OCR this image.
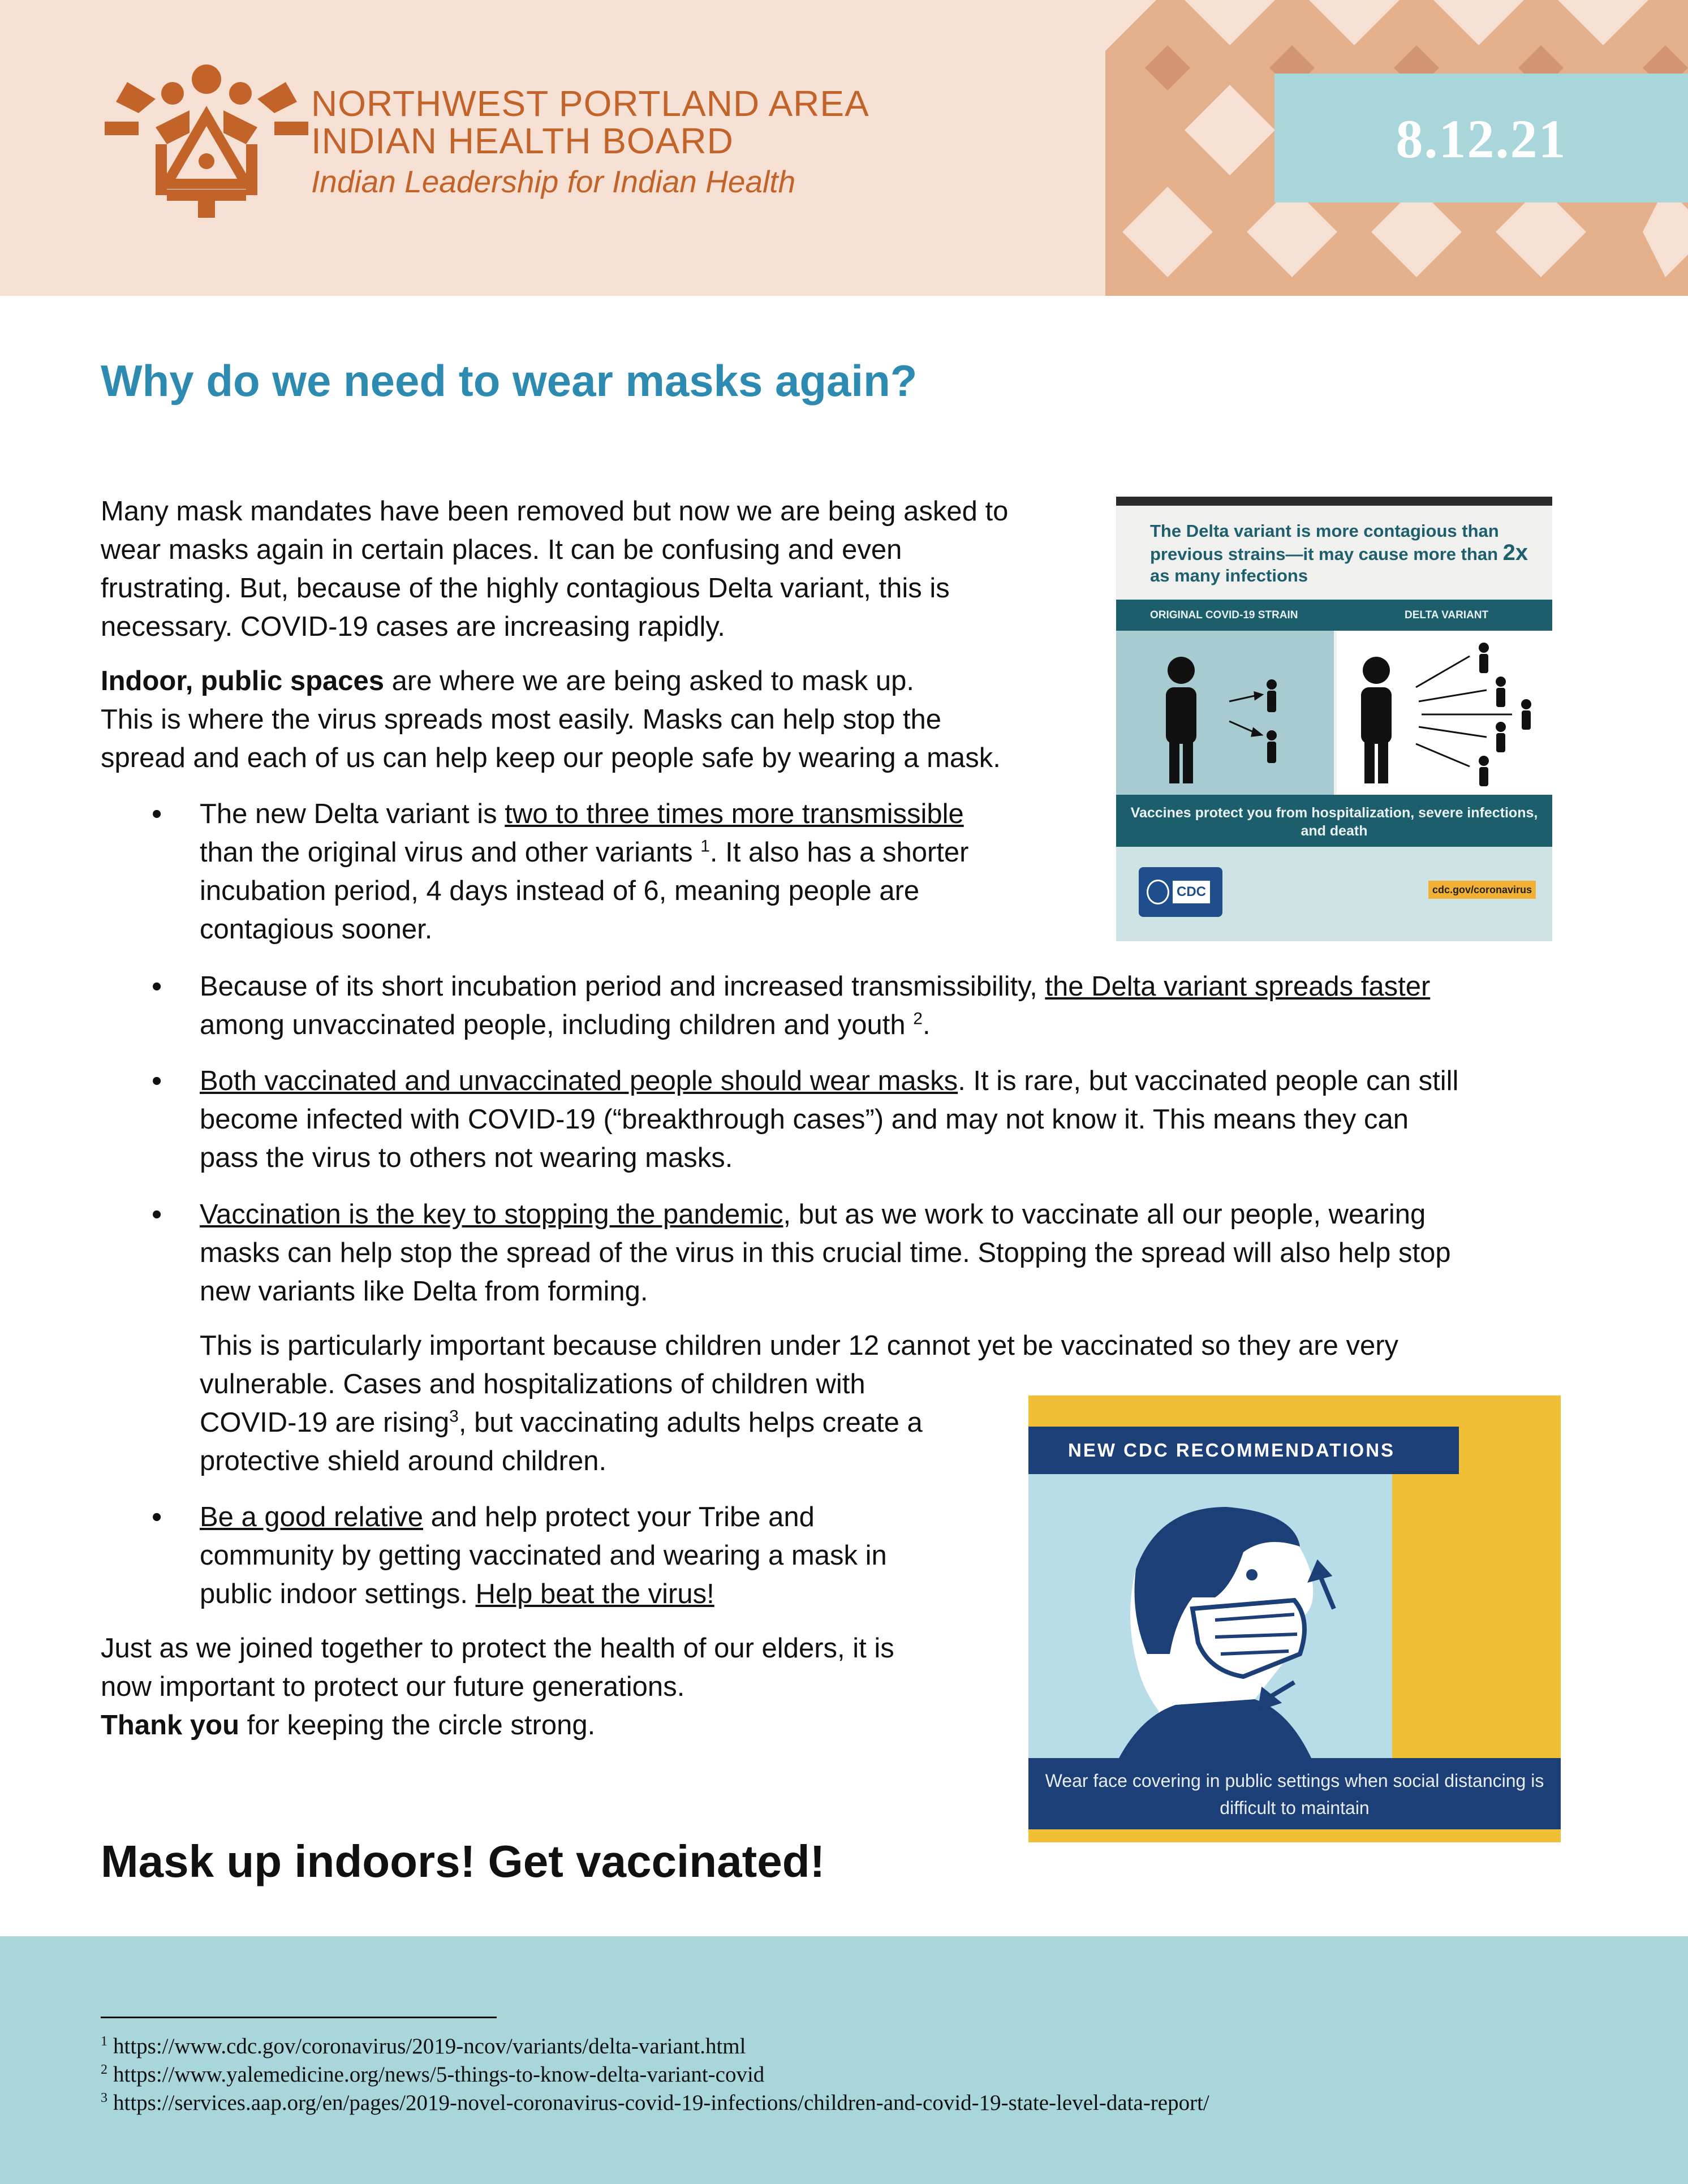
NORTHWEST PORTLAND AREA
INDIAN HEALTH BOARD
Indian Leadership for Indian Health
8.12.21
Why do we need to wear masks again?
Many mask mandates have been removed but now we are being asked to
wear masks again in certain places. It can be confusing and even
frustrating. But, because of the highly contagious Delta variant, this is
necessary. COVID-19 cases are increasing rapidly.
Indoor, public spaces are where we are being asked to mask up.
This is where the virus spreads most easily. Masks can help stop the
spread and each of us can help keep our people safe by wearing a mask.
• The new Delta variant is two to three times more transmissible
than the original virus and other variants $^1$. It also has a shorter
incubation period, 4 days instead of 6, meaning people are
contagious sooner.
• Because of its short incubation period and increased transmissibility, the Delta variant spreads faster
among unvaccinated people, including children and youth $^2$.
• Both vaccinated and unvaccinated people should wear masks. It is rare, but vaccinated people can still
become infected with COVID-19 (“breakthrough cases”) and may not know it. This means they can
pass the virus to others not wearing masks.
• Vaccination is the key to stopping the pandemic, but as we work to vaccinate all our people, wearing
masks can help stop the spread of the virus in this crucial time. Stopping the spread will also help stop
new variants like Delta from forming.
This is particularly important because children under 12 cannot yet be vaccinated so they are very
vulnerable. Cases and hospitalizations of children with
COVID-19 are rising$^3$, but vaccinating adults helps create a
protective shield around children.
• Be a good relative and help protect your Tribe and
community by getting vaccinated and wearing a mask in
public indoor settings. Help beat the virus!
Just as we joined together to protect the health of our elders, it is
now important to protect our future generations.
Thank you for keeping the circle strong.
Mask up indoors! Get vaccinated!
The Delta variant is more contagious than previous strains—it may cause more than 2x as many infections
ORIGINAL COVID-19 STRAIN	DELTA VARIANT
Vaccines protect you from hospitalization, severe infections, and death
CDC	cdc.gov/coronavirus
NEW CDC RECOMMENDATIONS
Wear face covering in public settings when social distancing is difficult to maintain
$^1$ https://www.cdc.gov/coronavirus/2019-ncov/variants/delta-variant.html
$^2$ https://www.yalemedicine.org/news/5-things-to-know-delta-variant-covid
$^3$ https://services.aap.org/en/pages/2019-novel-coronavirus-covid-19-infections/children-and-covid-19-state-level-data-report/
